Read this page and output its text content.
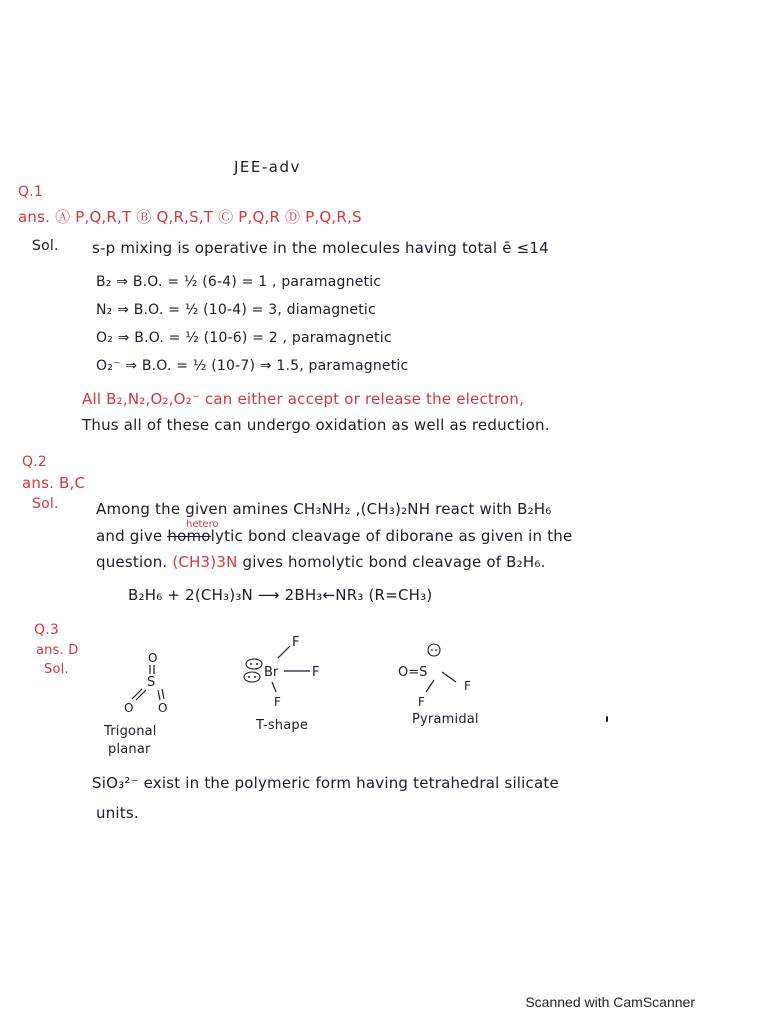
JEE-adv
Q.1
ans. Ⓐ P,Q,R,T Ⓑ Q,R,S,T Ⓒ P,Q,R Ⓓ P,Q,R,S
Sol. s-p mixing is operative in the molecules having total ē ≤14
B₂ ⇒ B.O. = ½ (6-4) = 1 , paramagnetic
N₂ ⇒ B.O. = ½ (10-4) = 3, diamagnetic
O₂ ⇒ B.O. = ½ (10-6) = 2 , paramagnetic
O₂⁻ ⇒ B.O. = ½ (10-7) ⇒ 1.5, paramagnetic
All B₂,N₂,O₂,O₂⁻ can either accept or release the electron,
Thus all of these can undergo oxidation as well as reduction.
Q.2
ans. B,C
Sol. Among the given amines CH₃NH₂ ,(CH₃)₂NH react with B₂H₆
hetero
and give homolytic bond cleavage of diborane as given in the
question. (CH3)3N gives homolytic bond cleavage of B₂H₆.
B₂H₆ + 2(CH₃)₃N ⟶ 2BH₃←NR₃ (R=CH₃)
Q.3
ans. D
Sol.
O
S
O O
F
Br	F
F
O=S
F
F
Trigonal
planar
T-shape	Pyramidal
SiO₃²⁻ exist in the polymeric form having tetrahedral silicate
units.
Scanned with CamScanner
